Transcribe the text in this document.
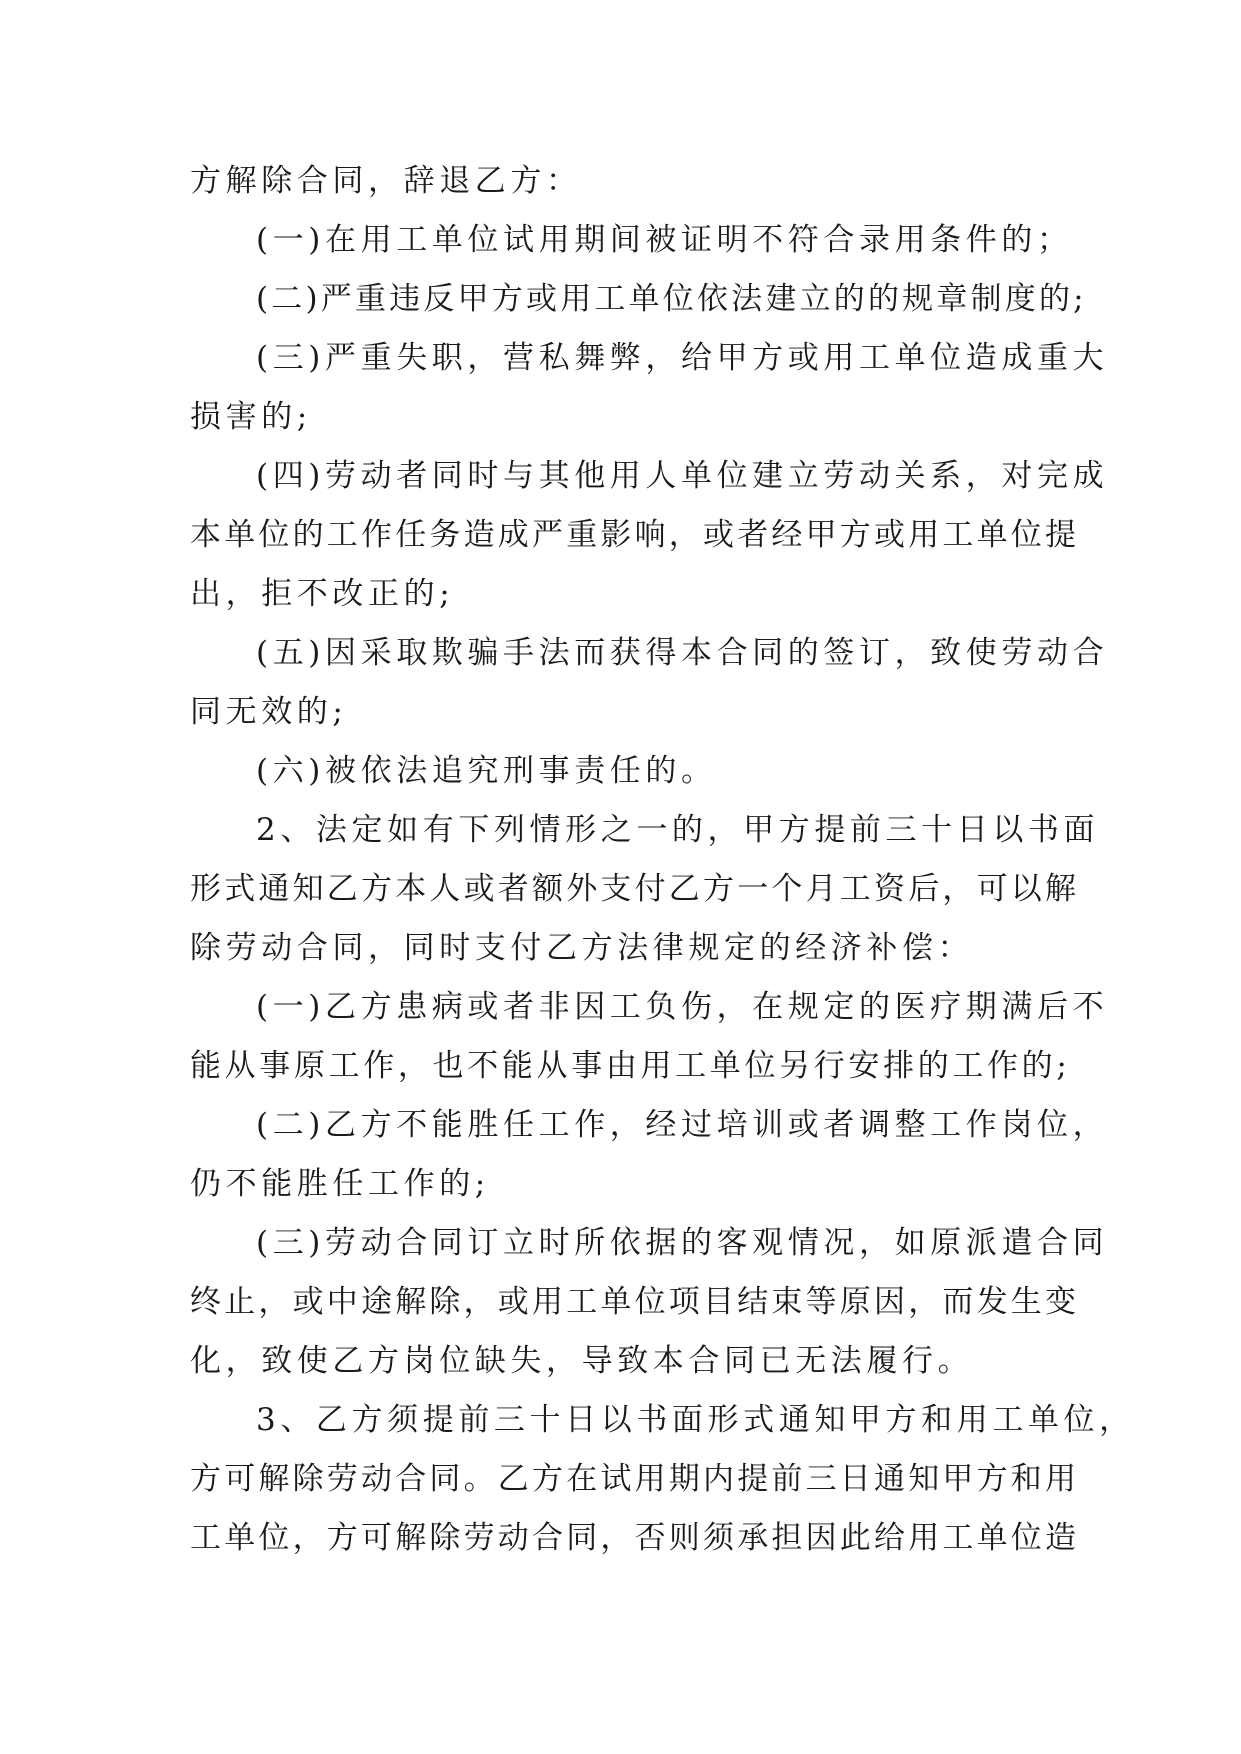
方解除合同，辞退乙方：
(一)在用工单位试用期间被证明不符合录用条件的；
(二)严重违反甲方或用工单位依法建立的的规章制度的;
(三)严重失职，营私舞弊，给甲方或用工单位造成重大
损害的;
(四)劳动者同时与其他用人单位建立劳动关系，对完成
本单位的工作任务造成严重影响，或者经甲方或用工单位提
出，拒不改正的;
(五)因采取欺骗手法而获得本合同的签订，致使劳动合
同无效的;
(六)被依法追究刑事责任的。
2、法定如有下列情形之一的，甲方提前三十日以书面
形式通知乙方本人或者额外支付乙方一个月工资后，可以解
除劳动合同，同时支付乙方法律规定的经济补偿：
(一)乙方患病或者非因工负伤，在规定的医疗期满后不
能从事原工作，也不能从事由用工单位另行安排的工作的;
(二)乙方不能胜任工作，经过培训或者调整工作岗位，
仍不能胜任工作的;
(三)劳动合同订立时所依据的客观情况，如原派遣合同
终止，或中途解除，或用工单位项目结束等原因，而发生变
化，致使乙方岗位缺失，导致本合同已无法履行。
3、乙方须提前三十日以书面形式通知甲方和用工单位，
方可解除劳动合同。乙方在试用期内提前三日通知甲方和用
工单位，方可解除劳动合同，否则须承担因此给用工单位造
